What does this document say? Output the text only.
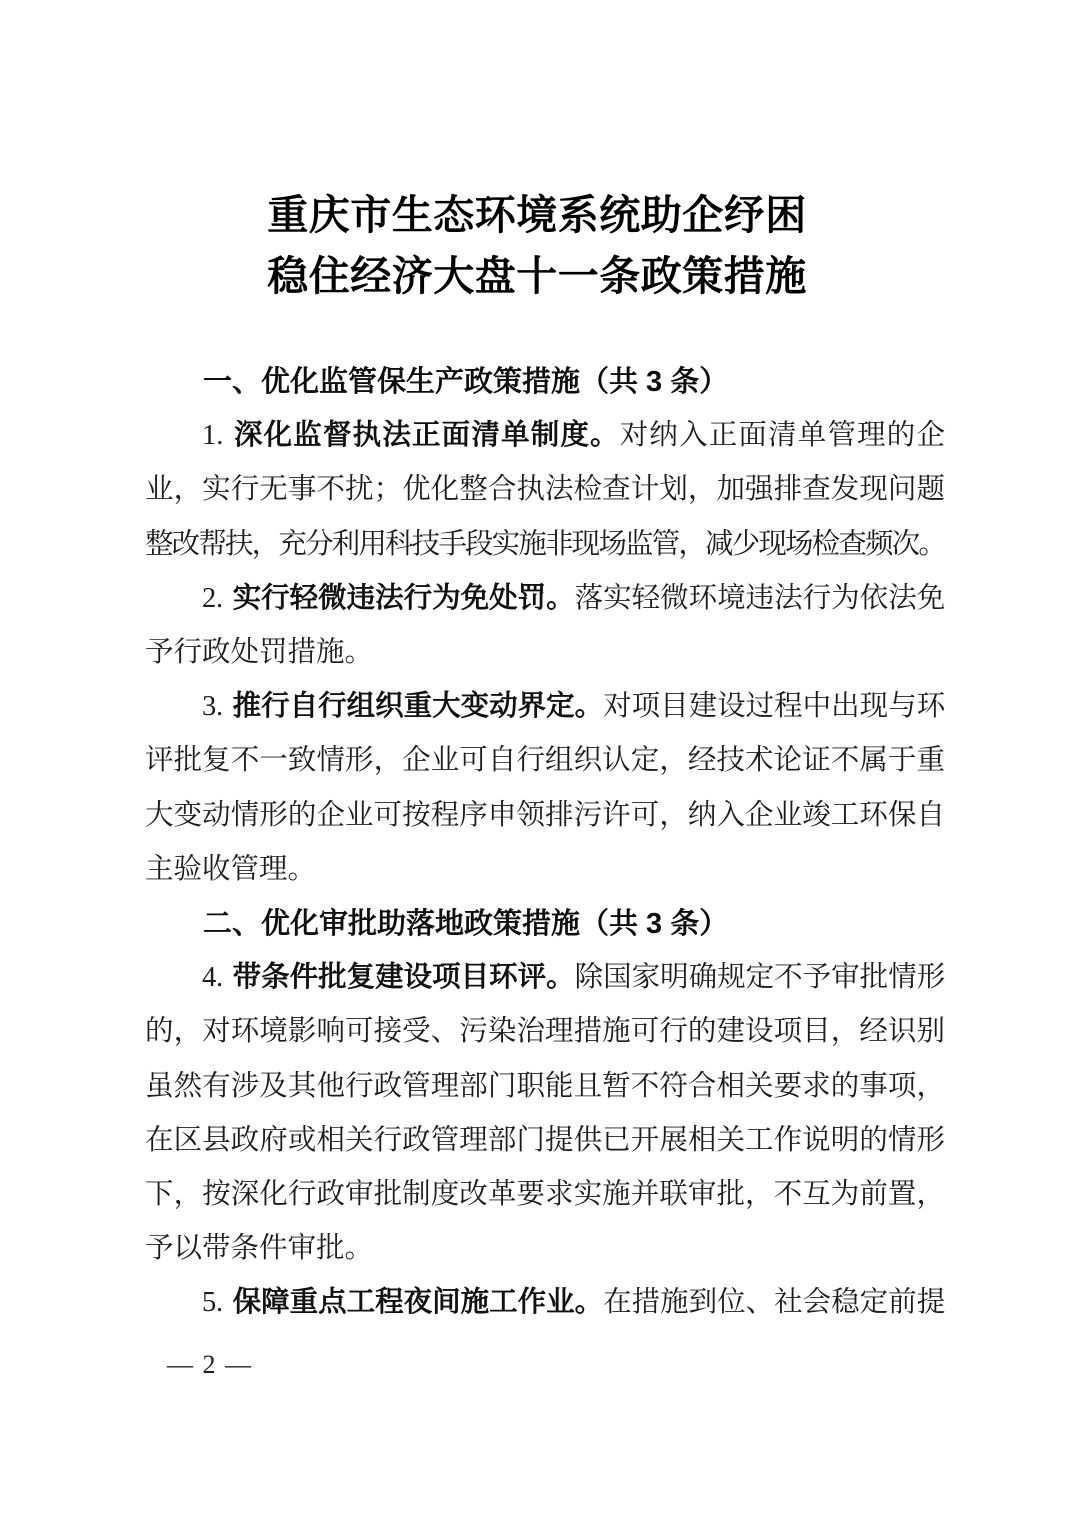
重庆市生态环境系统助企纾困
稳住经济大盘十一条政策措施
一、优化监管保生产政策措施（共 3 条）
1. 深化监督执法正面清单制度。对纳入正面清单管理的企
业，实行无事不扰；优化整合执法检查计划，加强排查发现问题
整改帮扶，充分利用科技手段实施非现场监管，减少现场检查频次。
2. 实行轻微违法行为免处罚。落实轻微环境违法行为依法免
予行政处罚措施。
3. 推行自行组织重大变动界定。对项目建设过程中出现与环
评批复不一致情形，企业可自行组织认定，经技术论证不属于重
大变动情形的企业可按程序申领排污许可，纳入企业竣工环保自
主验收管理。
二、优化审批助落地政策措施（共 3 条）
4. 带条件批复建设项目环评。除国家明确规定不予审批情形
的，对环境影响可接受、污染治理措施可行的建设项目，经识别
虽然有涉及其他行政管理部门职能且暂不符合相关要求的事项，
在区县政府或相关行政管理部门提供已开展相关工作说明的情形
下，按深化行政审批制度改革要求实施并联审批，不互为前置，
予以带条件审批。
5. 保障重点工程夜间施工作业。在措施到位、社会稳定前提
— 2 —
